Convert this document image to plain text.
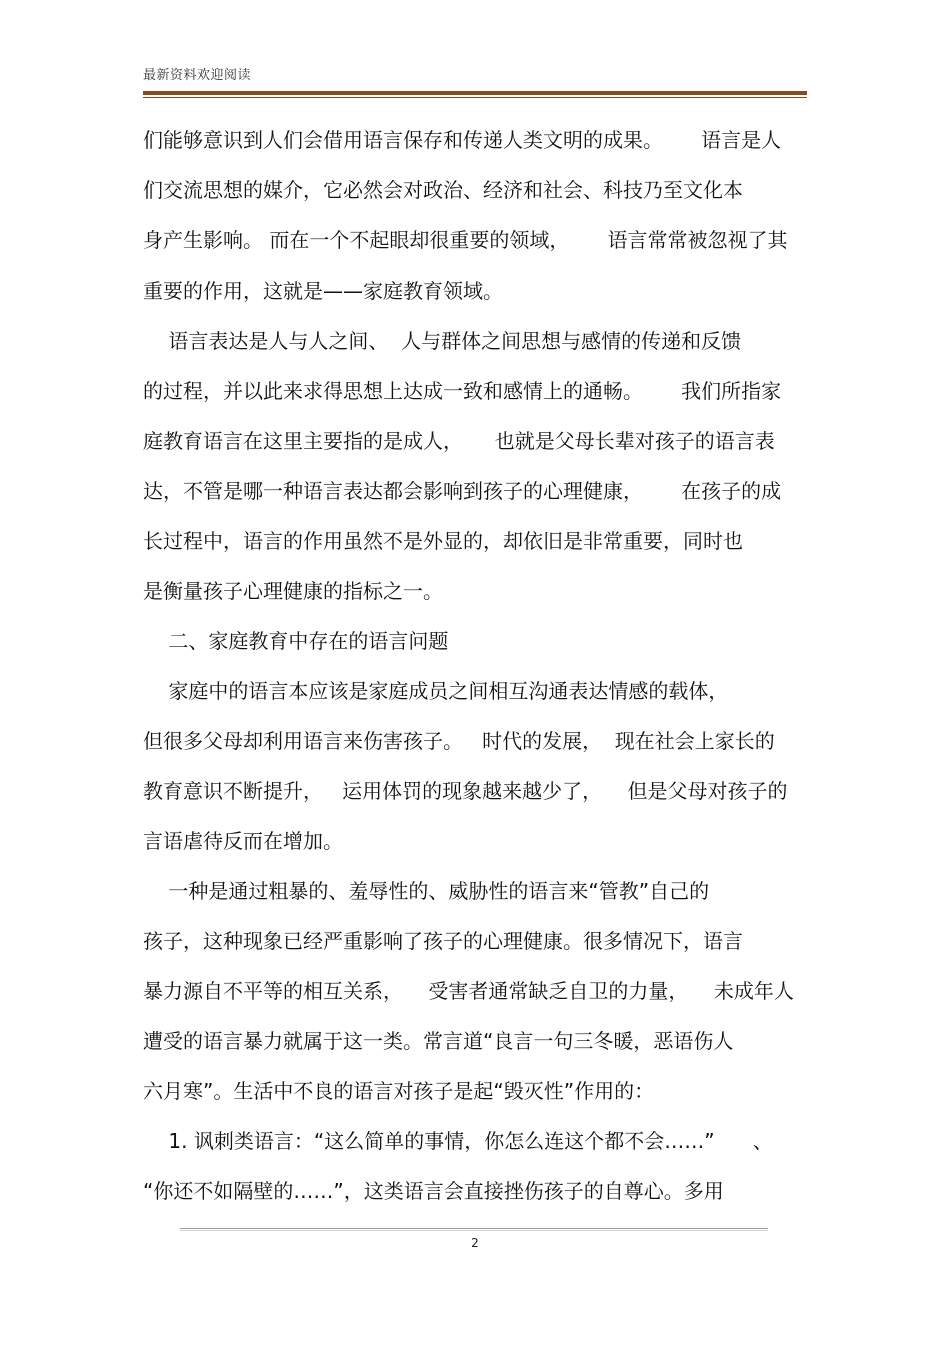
最新资料欢迎阅读
们能够意识到人们会借用语言保存和传递人类文明的成果。      语言是人
们交流思想的媒介，它必然会对政治、经济和社会、科技乃至文化本
身产生影响。 而在一个不起眼却很重要的领域，      语言常常被忽视了其
重要的作用，这就是——家庭教育领域。
语言表达是人与人之间、  人与群体之间思想与感情的传递和反馈
的过程，并以此来求得思想上达成一致和感情上的通畅。      我们所指家
庭教育语言在这里主要指的是成人，     也就是父母长辈对孩子的语言表
达，不管是哪一种语言表达都会影响到孩子的心理健康，      在孩子的成
长过程中，语言的作用虽然不是外显的，却依旧是非常重要，同时也
是衡量孩子心理健康的指标之一。
二、家庭教育中存在的语言问题
家庭中的语言本应该是家庭成员之间相互沟通表达情感的载体，
但很多父母却利用语言来伤害孩子。   时代的发展，  现在社会上家长的
教育意识不断提升，   运用体罚的现象越来越少了，    但是父母对孩子的
言语虐待反而在增加。
一种是通过粗暴的、羞辱性的、威胁性的语言来“管教”自己的
孩子，这种现象已经严重影响了孩子的心理健康。很多情况下，语言
暴力源自不平等的相互关系，    受害者通常缺乏自卫的力量，    未成年人
遭受的语言暴力就属于这一类。常言道“良言一句三冬暖，恶语伤人
六月寒”。生活中不良的语言对孩子是起“毁灭性”作用的：
1. 讽刺类语言：“这么简单的事情，你怎么连这个都不会……”      、
“你还不如隔壁的……”，这类语言会直接挫伤孩子的自尊心。多用
2
